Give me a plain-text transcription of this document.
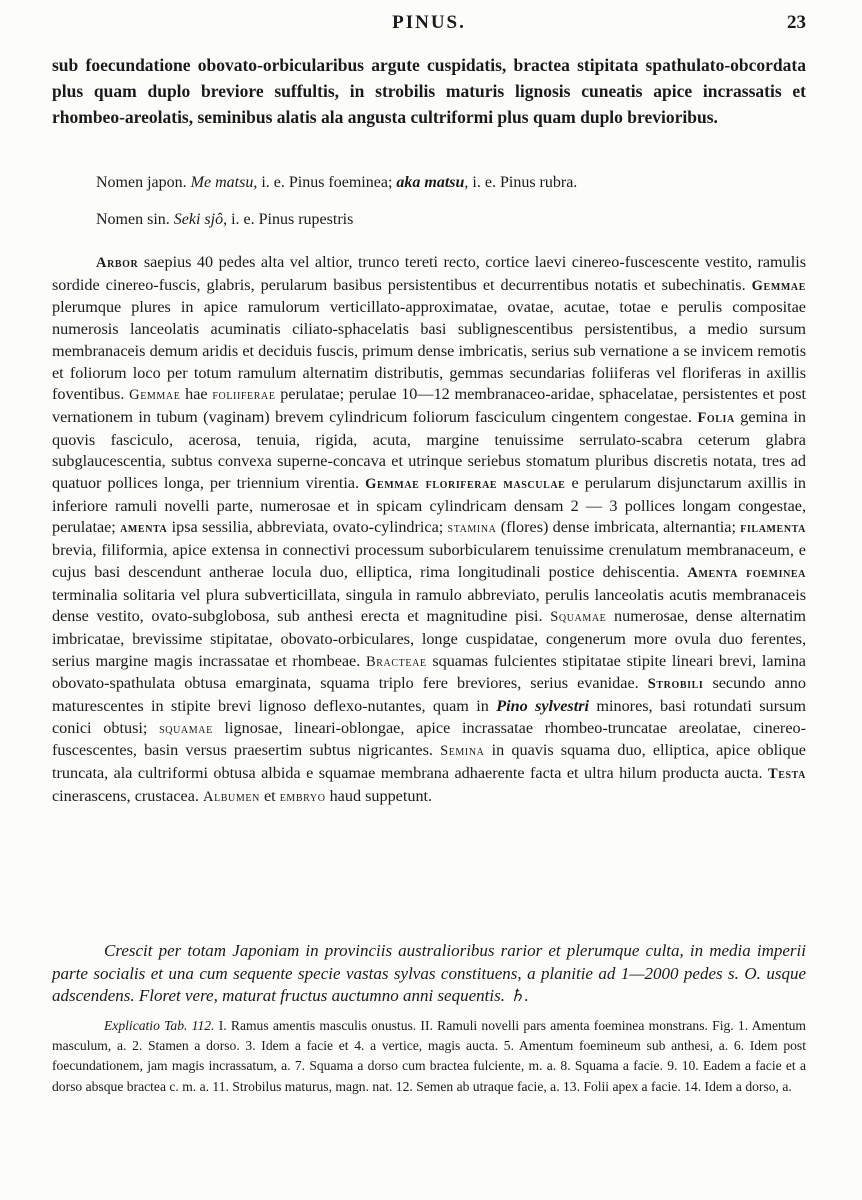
PINUS.	23
sub foecundatione obovato-orbicularibus argute cuspidatis, bractea stipitata spathulato-obcordata plus quam duplo breviore suffultis, in strobilis maturis lignosis cuneatis apice incrassatis et rhombeo-areolatis, seminibus alatis ala angusta cultriformi plus quam duplo brevioribus.
Nomen japon. Me matsu, i. e. Pinus foeminea; aka matsu, i. e. Pinus rubra.
Nomen sin. Seki sjô, i. e. Pinus rupestris
Arbor saepius 40 pedes alta vel altior, trunco tereti recto, cortice laevi cinereo-fuscescente vestito, ramulis sordide cinereo-fuscis, glabris, perularum basibus persistentibus et decurrentibus notatis et subechinatis. Gemmae plerumque plures in apice ramulorum verticillato-approximatae, ovatae, acutae, totae e perulis compositae numerosis lanceolatis acuminatis ciliato-sphacelatis basi sublignescentibus persistentibus, a medio sursum membranaceis demum aridis et deciduis fuscis, primum dense imbricatis, serius sub vernatione a se invicem remotis et foliorum loco per totum ramulum alternatim distributis, gemmas secundarias foliiferas vel floriferas in axillis foventibus. Gemmae hae foliiferae perulatae; perulae 10—12 membranaceo-aridae, sphacelatae, persistentes et post vernationem in tubum (vaginam) brevem cylindricum foliorum fasciculum cingentem congestae. Folia gemina in quovis fasciculo, acerosa, tenuia, rigida, acuta, margine tenuissime serrulato-scabra ceterum glabra subglaucescentia, subtus convexa superne-concava et utrinque seriebus stomatum pluribus discretis notata, tres ad quatuor pollices longa, per triennium virentia. Gemmae floriferae masculae e perularum disjunctarum axillis in inferiore ramuli novelli parte, numerosae et in spicam cylindricam densam 2 — 3 pollices longam congestae, perulatae; amenta ipsa sessilia, abbreviata, ovato-cylindrica; stamina (flores) dense imbricata, alternantia; filamenta brevia, filiformia, apice extensa in connectivi processum suborbicularem tenuissime crenulatum membranaceum, e cujus basi descendunt antherae locula duo, elliptica, rima longitudinali postice dehiscentia. Amenta foeminea terminalia solitaria vel plura subverticillata, singula in ramulo abbreviato, perulis lanceolatis acutis membranaceis dense vestito, ovato-subglobosa, sub anthesi erecta et magnitudine pisi. Squamae numerosae, dense alternatim imbricatae, brevissime stipitatae, obovato-orbiculares, longe cuspidatae, congenerum more ovula duo ferentes, serius margine magis incrassatae et rhombeae. Bracteae squamas fulcientes stipitatae stipite lineari brevi, lamina obovato-spathulata obtusa emarginata, squama triplo fere breviores, serius evanidae. Strobili secundo anno maturescentes in stipite brevi lignoso deflexo-nutantes, quam in Pino sylvestri minores, basi rotundati sursum conici obtusi; squamae lignosae, lineari-oblongae, apice incrassatae rhombeo-truncatae areolatae, cinereo-fuscescentes, basin versus praesertim subtus nigricantes. Semina in quavis squama duo, elliptica, apice oblique truncata, ala cultriformi obtusa albida e squamae membrana adhaerente facta et ultra hilum producta aucta. Testa cinerascens, crustacea. Albumen et embryo haud suppetunt.
Crescit per totam Japoniam in provinciis australioribus rarior et plerumque culta, in media imperii parte socialis et una cum sequente specie vastas sylvas constituens, a planitie ad 1—2000 pedes s. O. usque adscendens. Floret vere, maturat fructus auctumno anni sequentis. ♄.
Explicatio Tab. 112. I. Ramus amentis masculis onustus. II. Ramuli novelli pars amenta foeminea monstrans. Fig. 1. Amentum masculum, a. 2. Stamen a dorso. 3. Idem a facie et 4. a vertice, magis aucta. 5. Amentum foemineum sub anthesi, a. 6. Idem post foecundationem, jam magis incrassatum, a. 7. Squama a dorso cum bractea fulciente, m. a. 8. Squama a facie. 9. 10. Eadem a facie et a dorso absque bractea c. m. a. 11. Strobilus maturus, magn. nat. 12. Semen ab utraque facie, a. 13. Folii apex a facie. 14. Idem a dorso, a.
